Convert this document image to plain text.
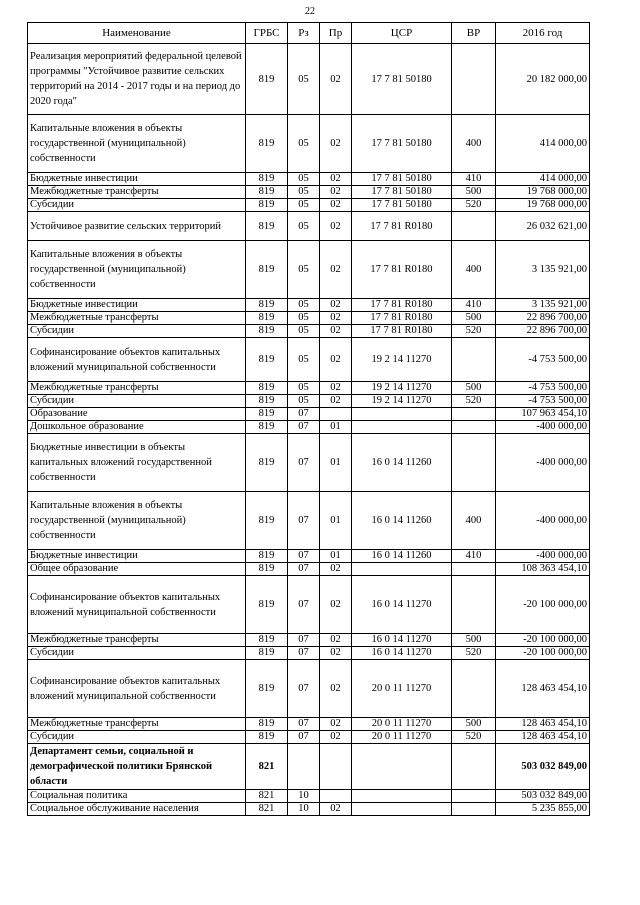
22
Наименование	ГРБС	Рз	Пр	ЦСР	ВР	2016 год
Реализация мероприятий федеральной целевой программы "Устойчивое развитие сельских территорий на 2014 - 2017 годы и на период до 2020 года"	819	05	02	17 7 81 50180		20 182 000,00
Капитальные вложения в объекты государственной (муниципальной) собственности	819	05	02	17 7 81 50180	400	414 000,00
Бюджетные инвестиции	819	05	02	17 7 81 50180	410	414 000,00
Межбюджетные трансферты	819	05	02	17 7 81 50180	500	19 768 000,00
Субсидии	819	05	02	17 7 81 50180	520	19 768 000,00
Устойчивое развитие сельских территорий	819	05	02	17 7 81 R0180		26 032 621,00
Капитальные вложения в объекты государственной (муниципальной) собственности	819	05	02	17 7 81 R0180	400	3 135 921,00
Бюджетные инвестиции	819	05	02	17 7 81 R0180	410	3 135 921,00
Межбюджетные трансферты	819	05	02	17 7 81 R0180	500	22 896 700,00
Субсидии	819	05	02	17 7 81 R0180	520	22 896 700,00
Софинансирование объектов капитальных вложений муниципальной собственности	819	05	02	19 2 14 11270		-4 753 500,00
Межбюджетные трансферты	819	05	02	19 2 14 11270	500	-4 753 500,00
Субсидии	819	05	02	19 2 14 11270	520	-4 753 500,00
Образование	819	07				107 963 454,10
Дошкольное образование	819	07	01			-400 000,00
Бюджетные инвестиции в объекты капитальных вложений государственной собственности	819	07	01	16 0 14 11260		-400 000,00
Капитальные вложения в объекты государственной (муниципальной) собственности	819	07	01	16 0 14 11260	400	-400 000,00
Бюджетные инвестиции	819	07	01	16 0 14 11260	410	-400 000,00
Общее образование	819	07	02			108 363 454,10
Софинансирование объектов капитальных вложений муниципальной собственности	819	07	02	16 0 14 11270		-20 100 000,00
Межбюджетные трансферты	819	07	02	16 0 14 11270	500	-20 100 000,00
Субсидии	819	07	02	16 0 14 11270	520	-20 100 000,00
Софинансирование объектов капитальных вложений муниципальной собственности	819	07	02	20 0 11 11270		128 463 454,10
Межбюджетные трансферты	819	07	02	20 0 11 11270	500	128 463 454,10
Субсидии	819	07	02	20 0 11 11270	520	128 463 454,10
Департамент семьи, социальной и демографической политики Брянской области	821					503 032 849,00
Социальная политика	821	10				503 032 849,00
Социальное обслуживание населения	821	10	02			5 235 855,00
